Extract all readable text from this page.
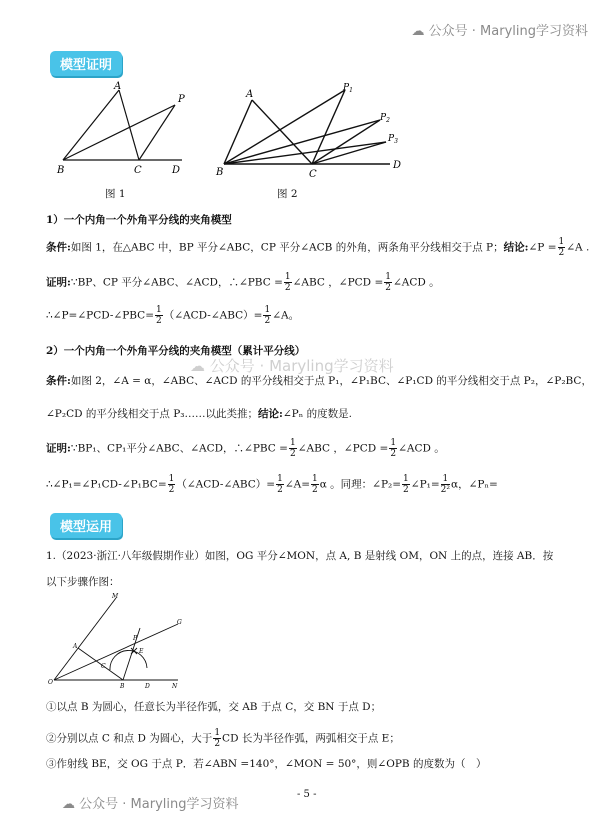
☁ 公众号 · Maryling学习资料
☁ 公众号 · Maryling学习资料
模型证明
A
P
B	C	D
图 1
A
$P_1$
$P_2$
$P_3$
B	C
D
图 2
1）一个内角一个外角平分线的夹角模型
条件:如图 1，在△ABC 中，BP 平分∠ABC，CP 平分∠ACB 的外角，两条角平分线相交于点 P；结论:∠P = $\frac{1}{2}$ ∠A .
证明:∵BP、CP 平分∠ABC、∠ACD，∴∠PBC = $\frac{1}{2}$ ∠ABC ，∠PCD = $\frac{1}{2}$ ∠ACD 。
∴∠P=∠PCD-∠PBC= $\frac{1}{2}$ （∠ACD-∠ABC）= $\frac{1}{2}$ ∠A。
2）一个内角一个外角平分线的夹角模型（累计平分线）
条件:如图 2，∠A = α，∠ABC、∠ACD 的平分线相交于点 P₁，∠P₁BC、∠P₁CD 的平分线相交于点 P₂，∠P₂BC，
∠P₂CD 的平分线相交于点 P₃……以此类推；结论:∠Pₙ 的度数是.
证明:∵BP₁、CP₁平分∠ABC、∠ACD，∴∠PBC = $\frac{1}{2}$ ∠ABC ，∠PCD = $\frac{1}{2}$ ∠ACD 。
∴∠P₁=∠P₁CD-∠P₁BC= $\frac{1}{2}$ （∠ACD-∠ABC）= $\frac{1}{2}$ ∠A= $\frac{1}{2}$ α 。同理：∠P₂= $\frac{1}{2}$ ∠P₁= $\frac{1}{\text{2²}}$ α，∠Pₙ=
模型运用
1.（2023·浙江·八年级假期作业）如图，OG 平分∠MON，点 A, B 是射线 OM，ON 上的点，连接 AB．按
以下步骤作图：
M
G
A
P
E
C
O
B	D	N
①以点 B 为圆心，任意长为半径作弧，交 AB 于点 C，交 BN 于点 D；
②分别以点 C 和点 D 为圆心，大于 $\frac{1}{2}$ CD 长为半径作弧，两弧相交于点 E；
③作射线 BE，交 OG 于点 P．若∠ABN =140°，∠MON = 50°，则∠OPB 的度数为（　）
- 5 -
☁ 公众号 · Maryling学习资料
